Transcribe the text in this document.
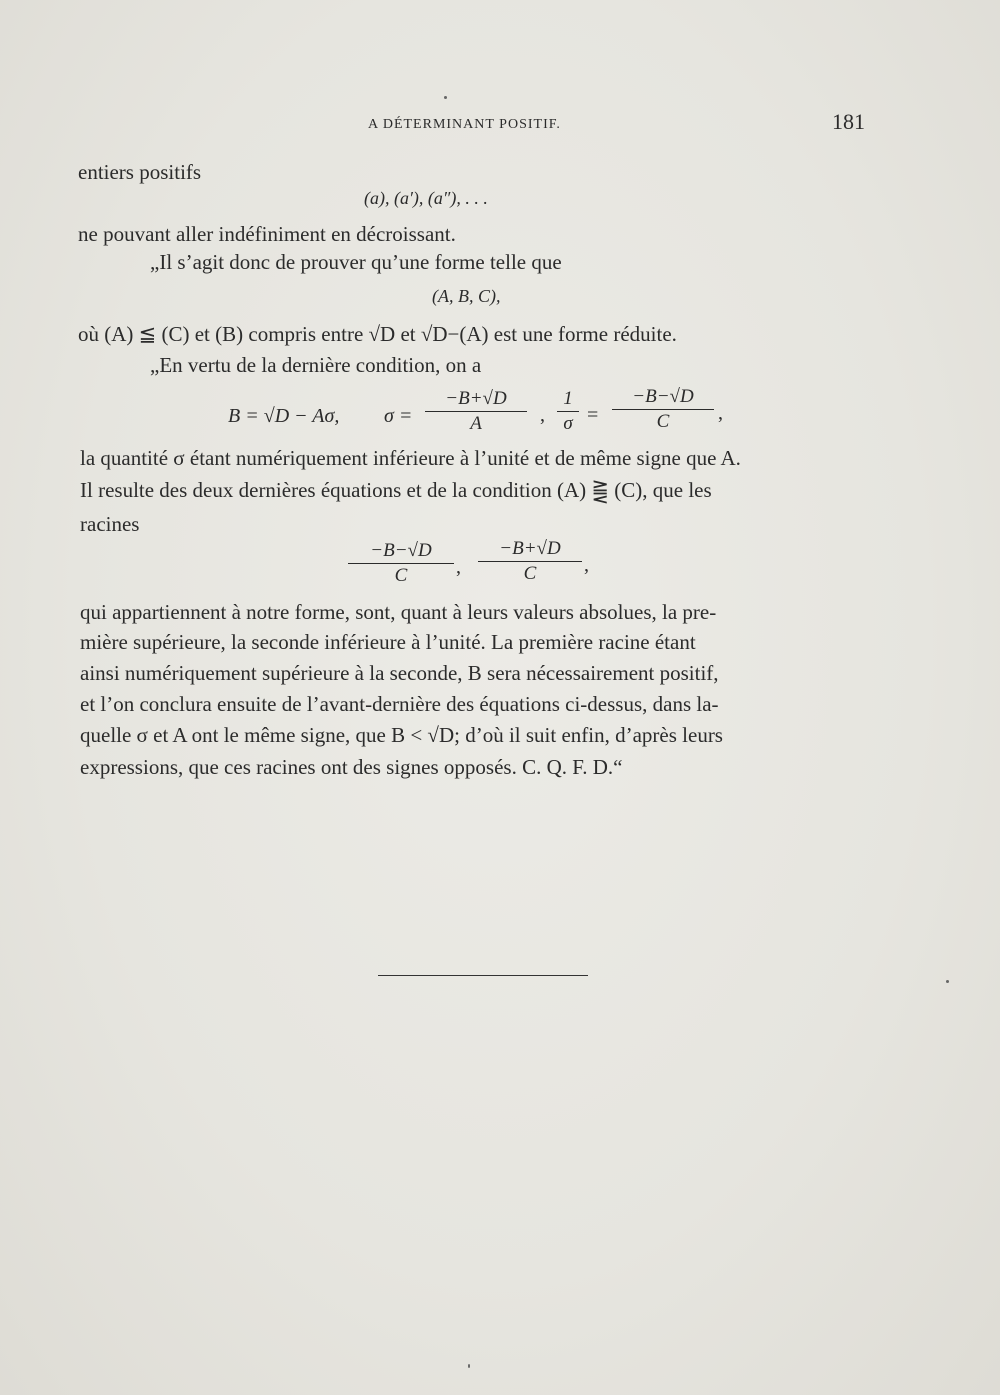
A DÉTERMINANT POSITIF.	181
entiers positifs
(a), (a′), (a″), . . .
ne pouvant aller indéfiniment en décroissant.
„Il s’agit donc de prouver qu’une forme telle que
(A, B, C),
où (A) ≦ (C) et (B) compris entre √D et √D−(A) est une forme réduite.
„En vertu de la dernière condition, on a
B = √D − Aσ, σ =
−B+√D
A	,
1
σ =
−B−√D
C	,
la quantité σ étant numériquement inférieure à l’unité et de même signe que A.
Il resulte des deux dernières équations et de la condition (A) ⪌ (C), que les
racines
−B−√D
C	,
−B+√D
C	,
qui appartiennent à notre forme, sont, quant à leurs valeurs absolues, la pre-
mière supérieure, la seconde inférieure à l’unité. La première racine étant
ainsi numériquement supérieure à la seconde, B sera nécessairement positif,
et l’on conclura ensuite de l’avant-dernière des équations ci-dessus, dans la-
quelle σ et A ont le même signe, que B < √D; d’où il suit enfin, d’après leurs
expressions, que ces racines ont des signes opposés. C. Q. F. D.“
